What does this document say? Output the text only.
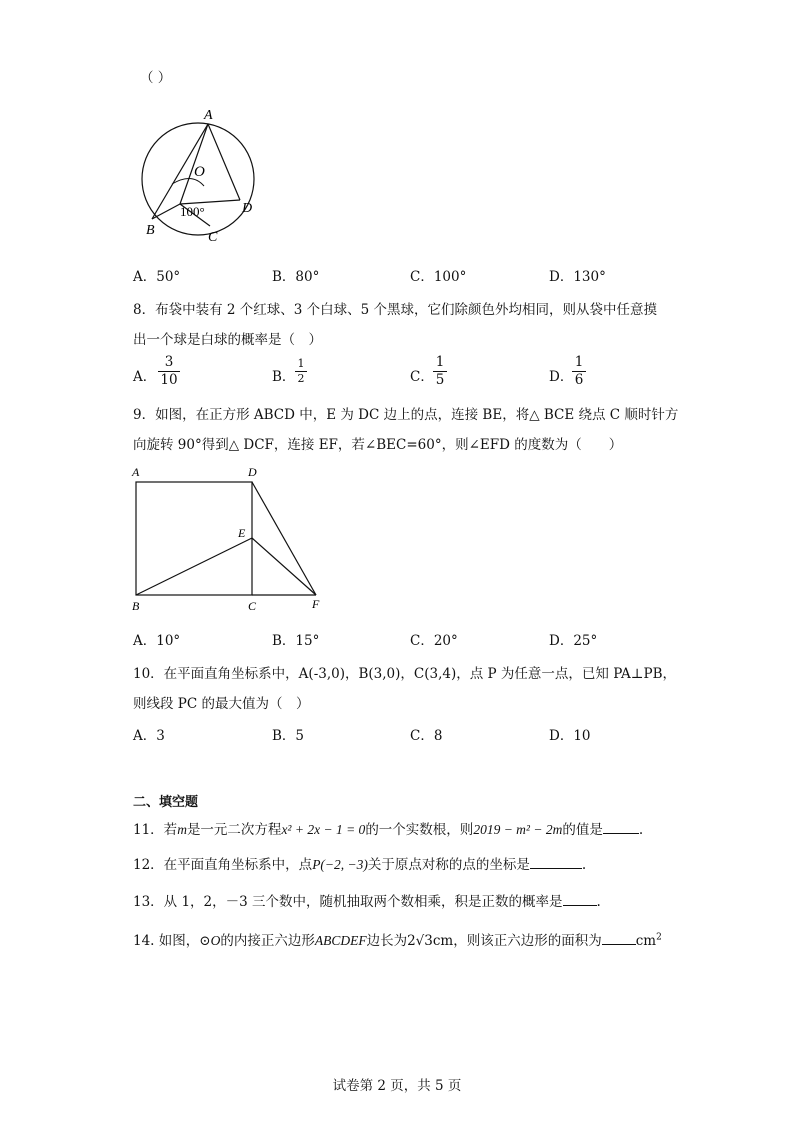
（ ）
A
O
100°
B	C
D
A．50°	B．80°	C．100°	D．130°
8．布袋中装有 2 个红球、3 个白球、5 个黑球，它们除颜色外均相同，则从袋中任意摸
出一个球是白球的概率是（　）
A．
3
10	B．
1
2	C．
1
5	D．
1
6
9．如图，在正方形 ABCD 中，E 为 DC 边上的点，连接 BE，将△ BCE 绕点 C 顺时针方
向旋转 90°得到△ DCF，连接 EF，若∠BEC=60°，则∠EFD 的度数为（　　）
A	D
E
B	C	F
A．10°	B．15°	C．20°	D．25°
10．在平面直角坐标系中，A(-3,0)，B(3,0)，C(3,4)，点 P 为任意一点，已知 PA⊥PB，
则线段 PC 的最大值为（　）
A．3	B．5	C．8	D．10
二、填空题
11．若m是一元二次方程x² + 2x − 1 = 0的一个实数根，则2019 − m² − 2m的值是	.
12．在平面直角坐标系中，点P(−2, −3)关于原点对称的点的坐标是	.
13．从 1，2，－3 三个数中，随机抽取两个数相乘，积是正数的概率是	.
14. 如图，⊙O的内接正六边形ABCDEF边长为2√3cm，则该正六边形的面积为	$cm^2$
试卷第 2 页，共 5 页
